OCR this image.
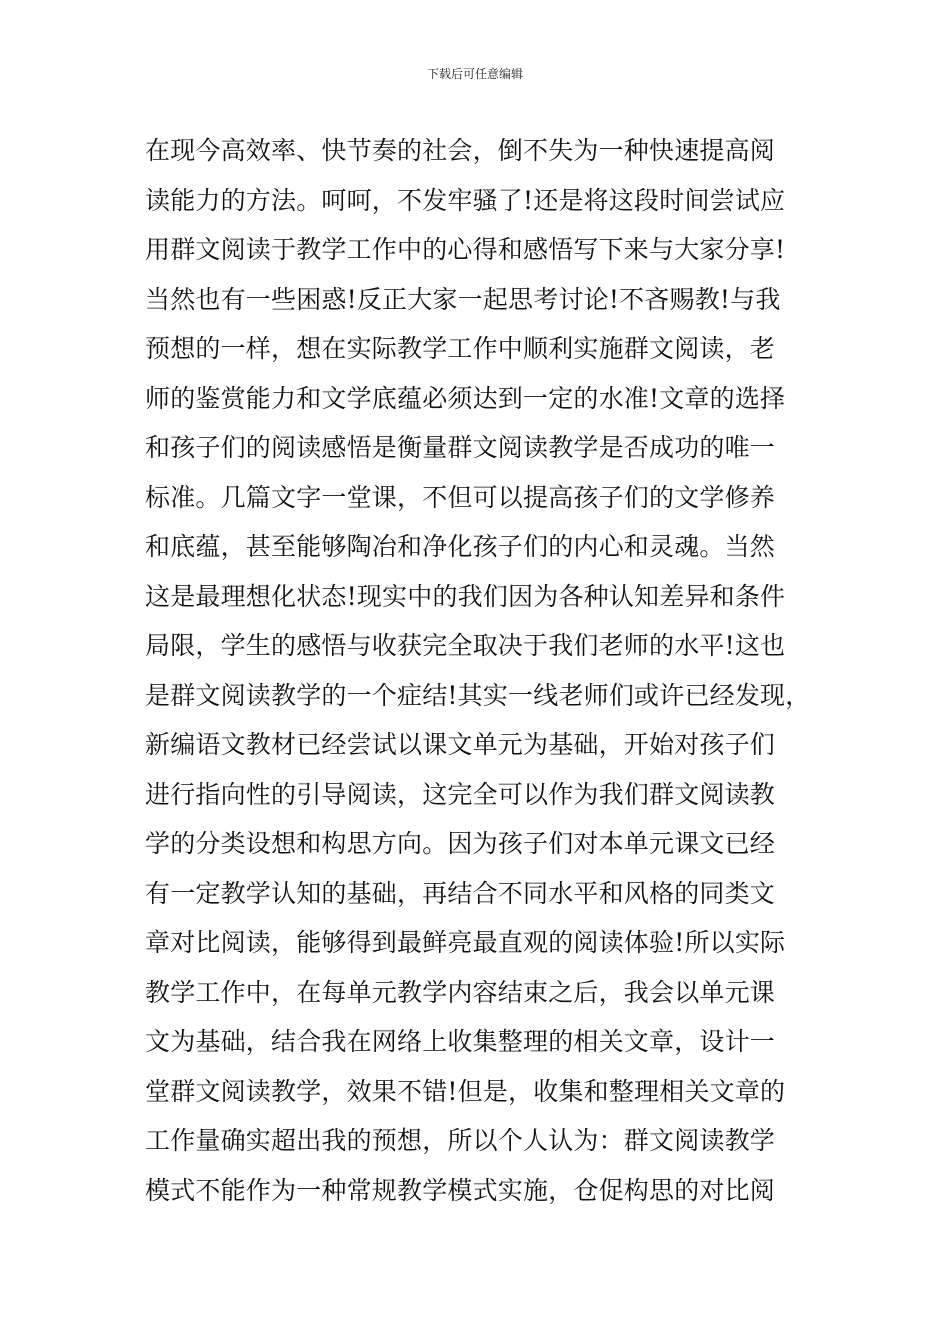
下载后可任意编辑
在现今高效率、快节奏的社会，倒不失为一种快速提高阅
读能力的方法。呵呵，不发牢骚了!还是将这段时间尝试应
用群文阅读于教学工作中的心得和感悟写下来与大家分享!
当然也有一些困惑!反正大家一起思考讨论!不吝赐教!与我
预想的一样，想在实际教学工作中顺利实施群文阅读，老
师的鉴赏能力和文学底蕴必须达到一定的水准!文章的选择
和孩子们的阅读感悟是衡量群文阅读教学是否成功的唯一
标准。几篇文字一堂课，不但可以提高孩子们的文学修养
和底蕴，甚至能够陶冶和净化孩子们的内心和灵魂。当然
这是最理想化状态!现实中的我们因为各种认知差异和条件
局限，学生的感悟与收获完全取决于我们老师的水平!这也
是群文阅读教学的一个症结!其实一线老师们或许已经发现，
新编语文教材已经尝试以课文单元为基础，开始对孩子们
进行指向性的引导阅读，这完全可以作为我们群文阅读教
学的分类设想和构思方向。因为孩子们对本单元课文已经
有一定教学认知的基础，再结合不同水平和风格的同类文
章对比阅读，能够得到最鲜亮最直观的阅读体验!所以实际
教学工作中，在每单元教学内容结束之后，我会以单元课
文为基础，结合我在网络上收集整理的相关文章，设计一
堂群文阅读教学，效果不错!但是，收集和整理相关文章的
工作量确实超出我的预想，所以个人认为：群文阅读教学
模式不能作为一种常规教学模式实施，仓促构思的对比阅
